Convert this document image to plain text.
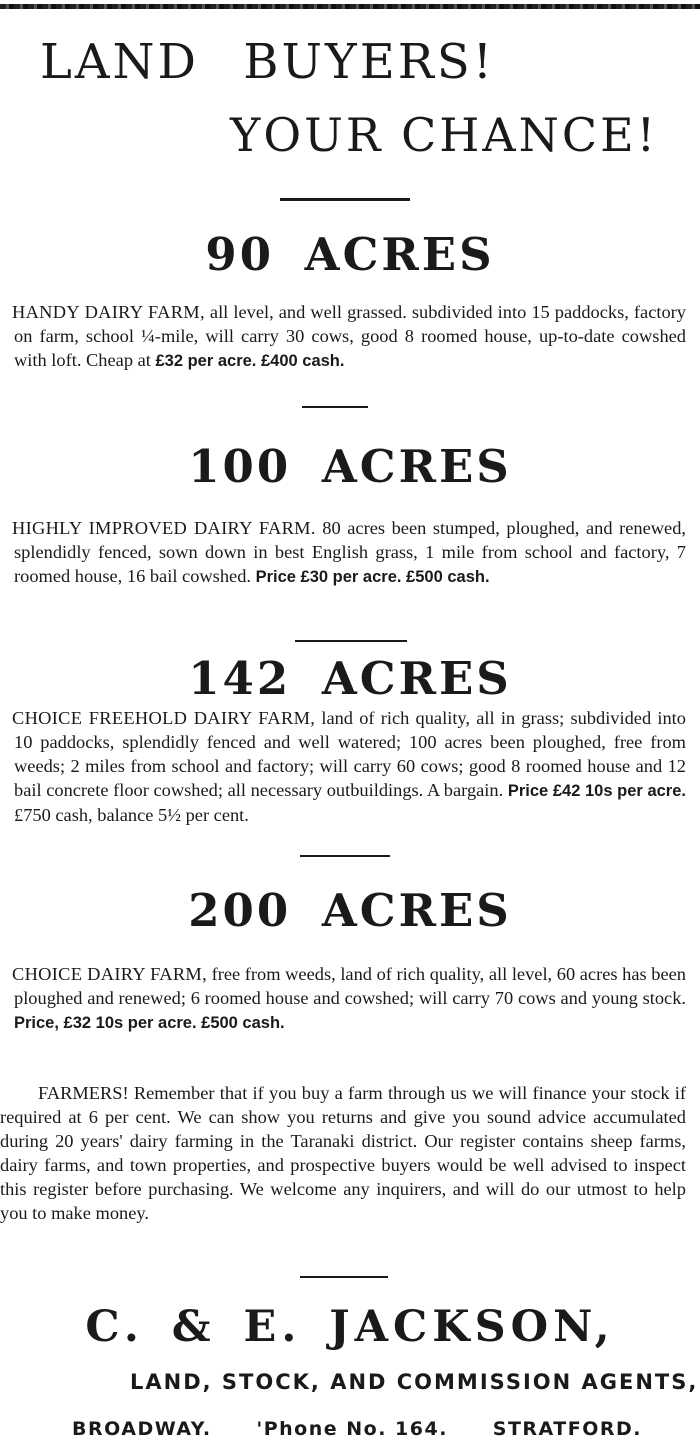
LAND BUYERS!
YOUR CHANCE!
90 ACRES

HANDY DAIRY FARM, all level, and well grassed. subdivided into 15 paddocks, factory on farm, school ¼-mile, will carry 30 cows, good 8 roomed house, up-to-date cowshed with loft. Cheap at £32 per acre. £400 cash.

100 ACRES

HIGHLY IMPROVED DAIRY FARM. 80 acres been stumped, ploughed, and renewed, splendidly fenced, sown down in best English grass, 1 mile from school and factory, 7 roomed house, 16 bail cowshed. Price £30 per acre. £500 cash.

142 ACRES

CHOICE FREEHOLD DAIRY FARM, land of rich quality, all in grass; subdivided into 10 paddocks, splendidly fenced and well watered; 100 acres been ploughed, free from weeds; 2 miles from school and factory; will carry 60 cows; good 8 roomed house and 12 bail concrete floor cowshed; all necessary outbuildings. A bargain. Price £42 10s per acre. £750 cash, balance 5½ per cent.

200 ACRES

CHOICE DAIRY FARM, free from weeds, land of rich quality, all level, 60 acres has been ploughed and renewed; 6 roomed house and cowshed; will carry 70 cows and young stock. Price, £32 10s per acre. £500 cash.

FARMERS! Remember that if you buy a farm through us we will finance your stock if required at 6 per cent. We can show you returns and give you sound advice accumulated during 20 years' dairy farming in the Taranaki district. Our register contains sheep farms, dairy farms, and town properties, and prospective buyers would be well advised to inspect this register before purchasing. We welcome any inquirers, and will do our utmost to help you to make money.

C. & E. JACKSON,

LAND, STOCK, AND COMMISSION AGENTS,

BROADWAY. 'Phone No. 164. STRATFORD.
